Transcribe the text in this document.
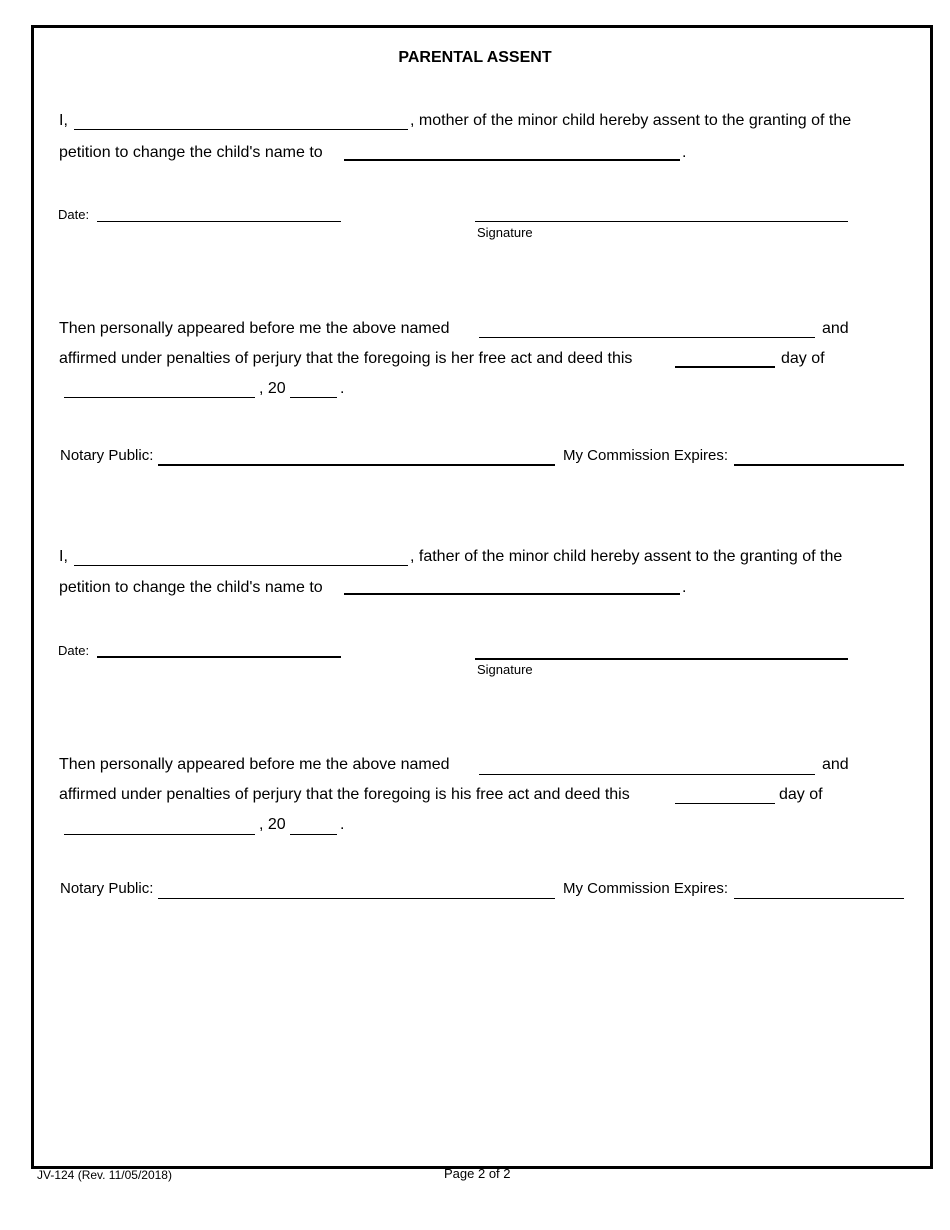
PARENTAL ASSENT
I,	, mother of the minor child hereby assent to the granting of the
petition to change the child's name to	.
Date:
Signature
Then personally appeared before me the above named	and
affirmed under penalties of perjury that the foregoing is her free act and deed this	day of
, 20	.
Notary Public:	My Commission Expires:
I,	, father of the minor child hereby assent to the granting of the
petition to change the child's name to	.
Date:
Signature
Then personally appeared before me the above named	and
affirmed under penalties of perjury that the foregoing is his free act and deed this	day of
, 20	.
Notary Public:	My Commission Expires:
JV-124 (Rev. 11/05/2018)	Page 2 of 2
